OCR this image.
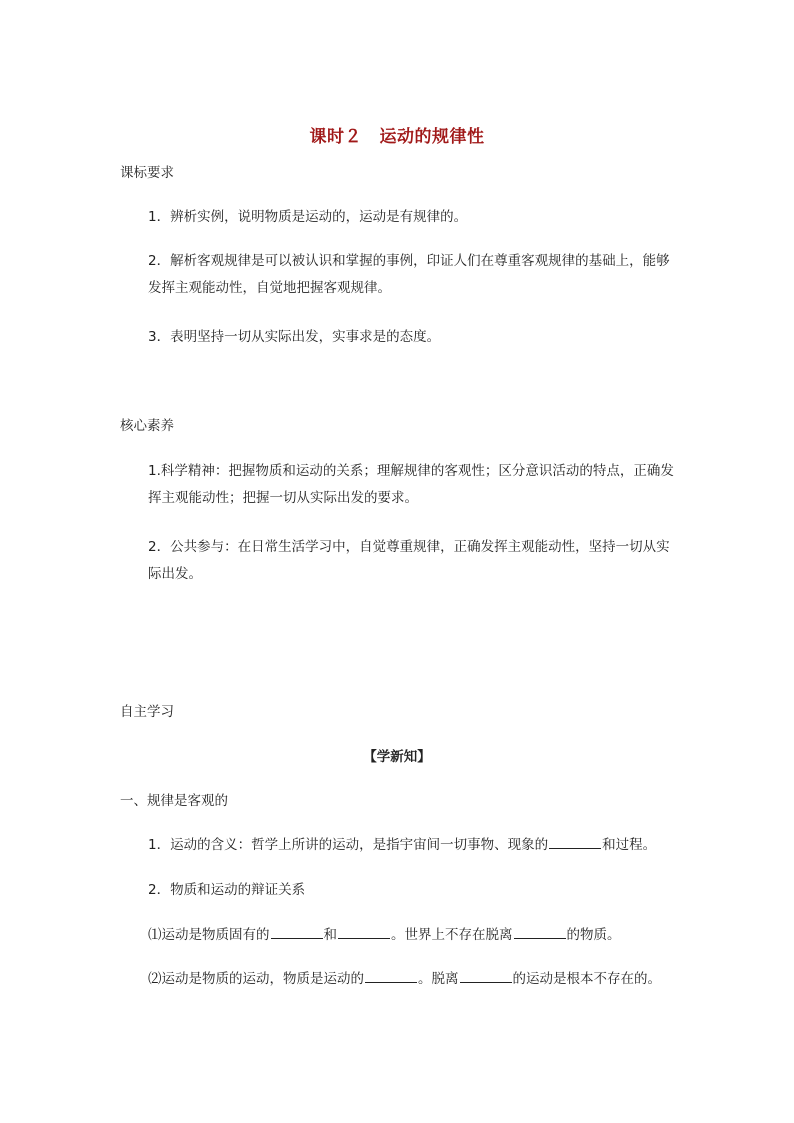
课时２　运动的规律性
课标要求
1．辨析实例，说明物质是运动的，运动是有规律的。
2．解析客观规律是可以被认识和掌握的事例，印证人们在尊重客观规律的基础上，能够发挥主观能动性，自觉地把握客观规律。
3．表明坚持一切从实际出发，实事求是的态度。
核心素养
1.科学精神：把握物质和运动的关系；理解规律的客观性；区分意识活动的特点，正确发挥主观能动性；把握一切从实际出发的要求。
2．公共参与：在日常生活学习中，自觉尊重规律，正确发挥主观能动性，坚持一切从实际出发。
自主学习
【学新知】
一、规律是客观的
1．运动的含义：哲学上所讲的运动，是指宇宙间一切事物、现象的	和过程。
2．物质和运动的辩证关系
⑴运动是物质固有的	和	。世界上不存在脱离	的物质。
⑵运动是物质的运动，物质是运动的	。脱离	的运动是根本不存在的。
